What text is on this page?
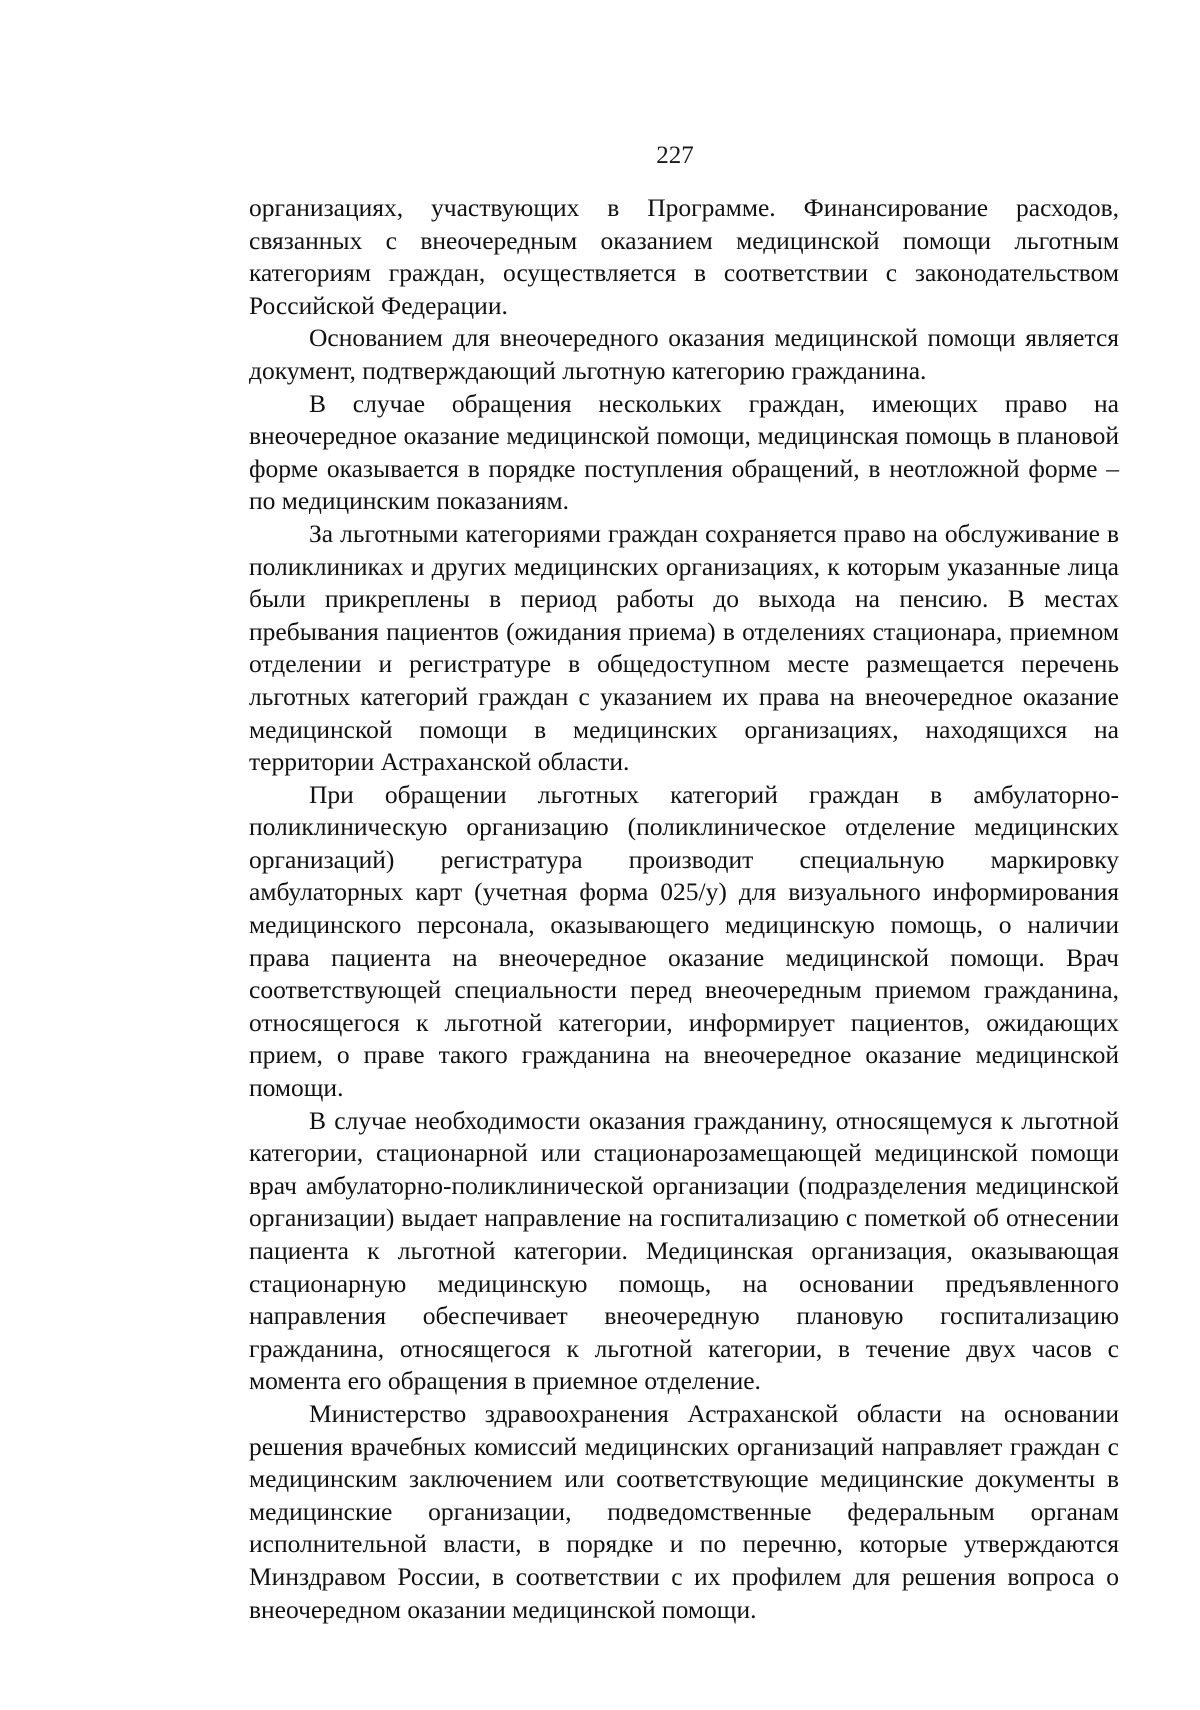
227

организациях, участвующих в Программе. Финансирование расходов, связанных с внеочередным оказанием медицинской помощи льготным категориям граждан, осуществляется в соответствии с законодательством Российской Федерации.

Основанием для внеочередного оказания медицинской помощи является документ, подтверждающий льготную категорию гражданина.

В случае обращения нескольких граждан, имеющих право на внеочередное оказание медицинской помощи, медицинская помощь в плановой форме оказывается в порядке поступления обращений, в неотложной форме – по медицинским показаниям.

За льготными категориями граждан сохраняется право на обслуживание в поликлиниках и других медицинских организациях, к которым указанные лица были прикреплены в период работы до выхода на пенсию. В местах пребывания пациентов (ожидания приема) в отделениях стационара, приемном отделении и регистратуре в общедоступном месте размещается перечень льготных категорий граждан с указанием их права на внеочередное оказание медицинской помощи в медицинских организациях, находящихся на территории Астраханской области.

При обращении льготных категорий граждан в амбулаторно-поликлиническую организацию (поликлиническое отделение медицинских организаций) регистратура производит специальную маркировку амбулаторных карт (учетная форма 025/у) для визуального информирования медицинского персонала, оказывающего медицинскую помощь, о наличии права пациента на внеочередное оказание медицинской помощи. Врач соответствующей специальности перед внеочередным приемом гражданина, относящегося к льготной категории, информирует пациентов, ожидающих прием, о праве такого гражданина на внеочередное оказание медицинской помощи.

В случае необходимости оказания гражданину, относящемуся к льготной категории, стационарной или стационарозамещающей медицинской помощи врач амбулаторно-поликлинической организации (подразделения медицинской организации) выдает направление на госпитализацию с пометкой об отнесении пациента к льготной категории. Медицинская организация, оказывающая стационарную медицинскую помощь, на основании предъявленного направления обеспечивает внеочередную плановую госпитализацию гражданина, относящегося к льготной категории, в течение двух часов с момента его обращения в приемное отделение.

Министерство здравоохранения Астраханской области на основании решения врачебных комиссий медицинских организаций направляет граждан с медицинским заключением или соответствующие медицинские документы в медицинские организации, подведомственные федеральным органам исполнительной власти, в порядке и по перечню, которые утверждаются Минздравом России, в соответствии с их профилем для решения вопроса о внеочередном оказании медицинской помощи.
